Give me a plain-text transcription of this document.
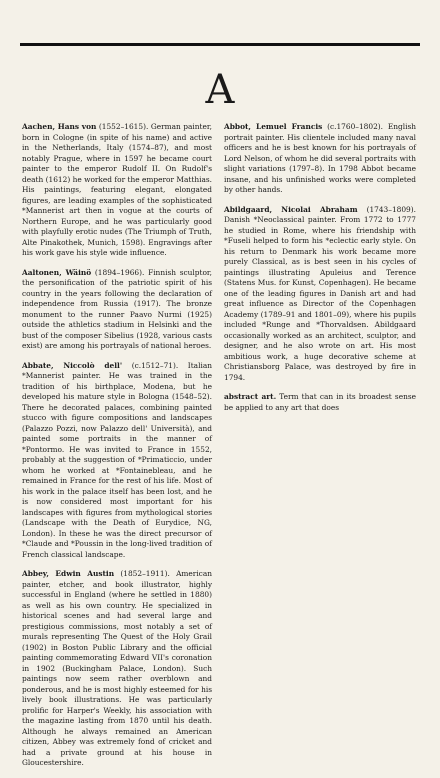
A

Aachen, Hans von (1552–1615). German painter, born in Cologne (in spite of his name) and active in the Netherlands, Italy (1574–87), and most notably Prague, where in 1597 he became court painter to the emperor Rudolf II. On Rudolf's death (1612) he worked for the emperor Matthias. His paintings, featuring elegant, elongated figures, are leading examples of the sophisticated *Mannerist art then in vogue at the courts of Northern Europe, and he was particularly good with playfully erotic nudes (The Triumph of Truth, Alte Pinakothek, Munich, 1598). Engravings after his work gave his style wide influence.

Aaltonen, Wäinö (1894–1966). Finnish sculptor, the personification of the patriotic spirit of his country in the years following the declaration of independence from Russia (1917). The bronze monument to the runner Paavo Nurmi (1925) outside the athletics stadium in Helsinki and the bust of the composer Sibelius (1928, various casts exist) are among his portrayals of national heroes.

Abbate, Niccolò dell' (c.1512–71). Italian *Mannerist painter. He was trained in the tradition of his birthplace, Modena, but he developed his mature style in Bologna (1548–52). There he decorated palaces, combining painted stucco with figure compositions and landscapes (Palazzo Pozzi, now Palazzo dell' Università), and painted some portraits in the manner of *Pontormo. He was invited to France in 1552, probably at the suggestion of *Primaticcio, under whom he worked at *Fontainebleau, and he remained in France for the rest of his life. Most of his work in the palace itself has been lost, and he is now considered most important for his landscapes with figures from mythological stories (Landscape with the Death of Eurydice, NG, London). In these he was the direct precursor of *Claude and *Poussin in the long-lived tradition of French classical landscape.

Abbey, Edwin Austin (1852–1911). American painter, etcher, and book illustrator, highly successful in England (where he settled in 1880) as well as his own country. He specialized in historical scenes and had several large and prestigious commissions, most notably a set of murals representing The Quest of the Holy Grail (1902) in Boston Public Library and the official painting commemorating Edward VII's coronation in 1902 (Buckingham Palace, London). Such paintings now seem rather overblown and ponderous, and he is most highly esteemed for his lively book illustrations. He was particularly prolific for Harper's Weekly, his association with the magazine lasting from 1870 until his death. Although he always remained an American citizen, Abbey was extremely fond of cricket and had a private ground at his house in Gloucestershire.

Abbot, Lemuel Francis (c.1760–1802). English portrait painter. His clientele included many naval officers and he is best known for his portrayals of Lord Nelson, of whom he did several portraits with slight variations (1797–8). In 1798 Abbot became insane, and his unfinished works were completed by other hands.

Abildgaard, Nicolai Abraham (1743–1809). Danish *Neoclassical painter. From 1772 to 1777 he studied in Rome, where his friendship with *Fuseli helped to form his *eclectic early style. On his return to Denmark his work became more purely Classical, as is best seen in his cycles of paintings illustrating Apuleius and Terence (Statens Mus. for Kunst, Copenhagen). He became one of the leading figures in Danish art and had great influence as Director of the Copenhagen Academy (1789–91 and 1801–09), where his pupils included *Runge and *Thorvaldsen. Abildgaard occasionally worked as an architect, sculptor, and designer, and he also wrote on art. His most ambitious work, a huge decorative scheme at Christiansborg Palace, was destroyed by fire in 1794.

abstract art. Term that can in its broadest sense be applied to any art that does
